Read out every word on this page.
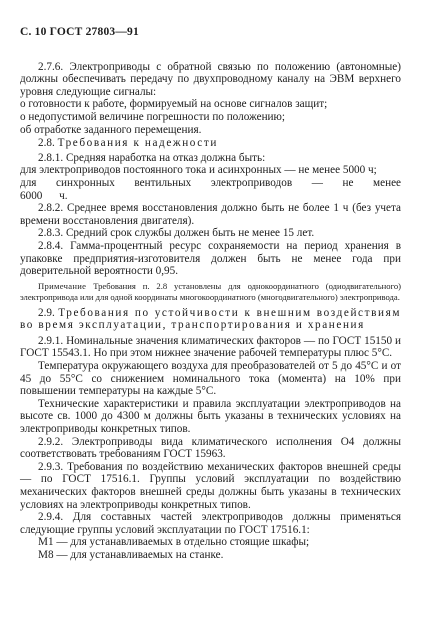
С. 10 ГОСТ 27803—91

2.7.6. Электроприводы с обратной связью по положению (автономные) должны обеспечивать передачу по двухпроводному каналу на ЭВМ верхнего уровня следующие сигналы:

о готовности к работе, формируемый на основе сигналов защит;

о недопустимой величине погрешности по положению;

об отработке заданного перемещения.

2.8. Требования к надежности

2.8.1. Средняя наработка на отказ должна быть:

для электроприводов постоянного тока и асинхронных — не менее 5000 ч;

для синхронных вентильных электроприводов — не менее 6000 ч.

2.8.2. Среднее время восстановления должно быть не более 1 ч (без учета времени восстановления двигателя).

2.8.3. Средний срок службы должен быть не менее 15 лет.

2.8.4. Гамма-процентный ресурс сохраняемости на период хранения в упаковке предприятия-изготовителя должен быть не менее года при доверительной вероятности 0,95.

Примечание Требования п. 2.8 установлены для однокоординатного (одиодвигательного) электропривода или для одной координаты многокоординатного (многодвигательного) электропривода.

2.9. Требования по устойчивости к внешним воздействиям во время эксплуатации, транспортирования и хранения

2.9.1. Номинальные значения климатических факторов — по ГОСТ 15150 и ГОСТ 15543.1. Но при этом нижнее значение рабочей температуры плюс 5°С.

Температура окружающего воздуха для преобразователей от 5 до 45°С и от 45 до 55°С со снижением номинального тока (момента) на 10% при повышении температуры на каждые 5°С.

Технические характеристики и правила эксплуатации электроприводов на высоте св. 1000 до 4300 м должны быть указаны в технических условиях на электроприводы конкретных типов.

2.9.2. Электроприводы вида климатического исполнения О4 должны соответствовать требованиям ГОСТ 15963.

2.9.3. Требования по воздействию механических факторов внешней среды — по ГОСТ 17516.1. Группы условий эксплуатации по воздействию механических факторов внешней среды должны быть указаны в технических условиях на электроприводы конкретных типов.

2.9.4. Для составных частей электроприводов должны применяться следующие группы условий эксплуатации по ГОСТ 17516.1:

М1 — для устанавливаемых в отдельно стоящие шкафы;

М8 — для устанавливаемых на станке.
